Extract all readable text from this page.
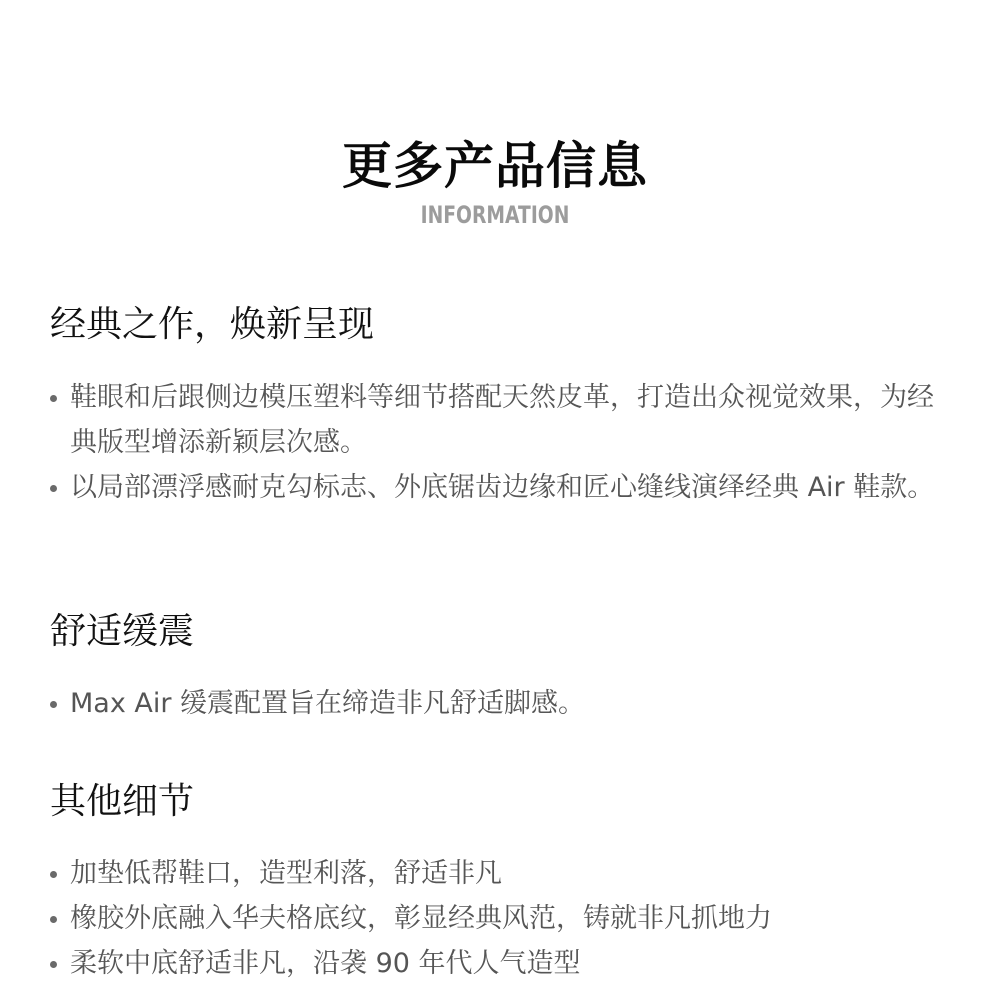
更多产品信息
INFORMATION
经典之作，焕新呈现
鞋眼和后跟侧边模压塑料等细节搭配天然皮革，打造出众视觉效果，为经典版型增添新颖层次感。
以局部漂浮感耐克勾标志、外底锯齿边缘和匠心缝线演绎经典 Air 鞋款。
舒适缓震
Max Air 缓震配置旨在缔造非凡舒适脚感。
其他细节
加垫低帮鞋口，造型利落，舒适非凡
橡胶外底融入华夫格底纹，彰显经典风范，铸就非凡抓地力
柔软中底舒适非凡，沿袭 90 年代人气造型
